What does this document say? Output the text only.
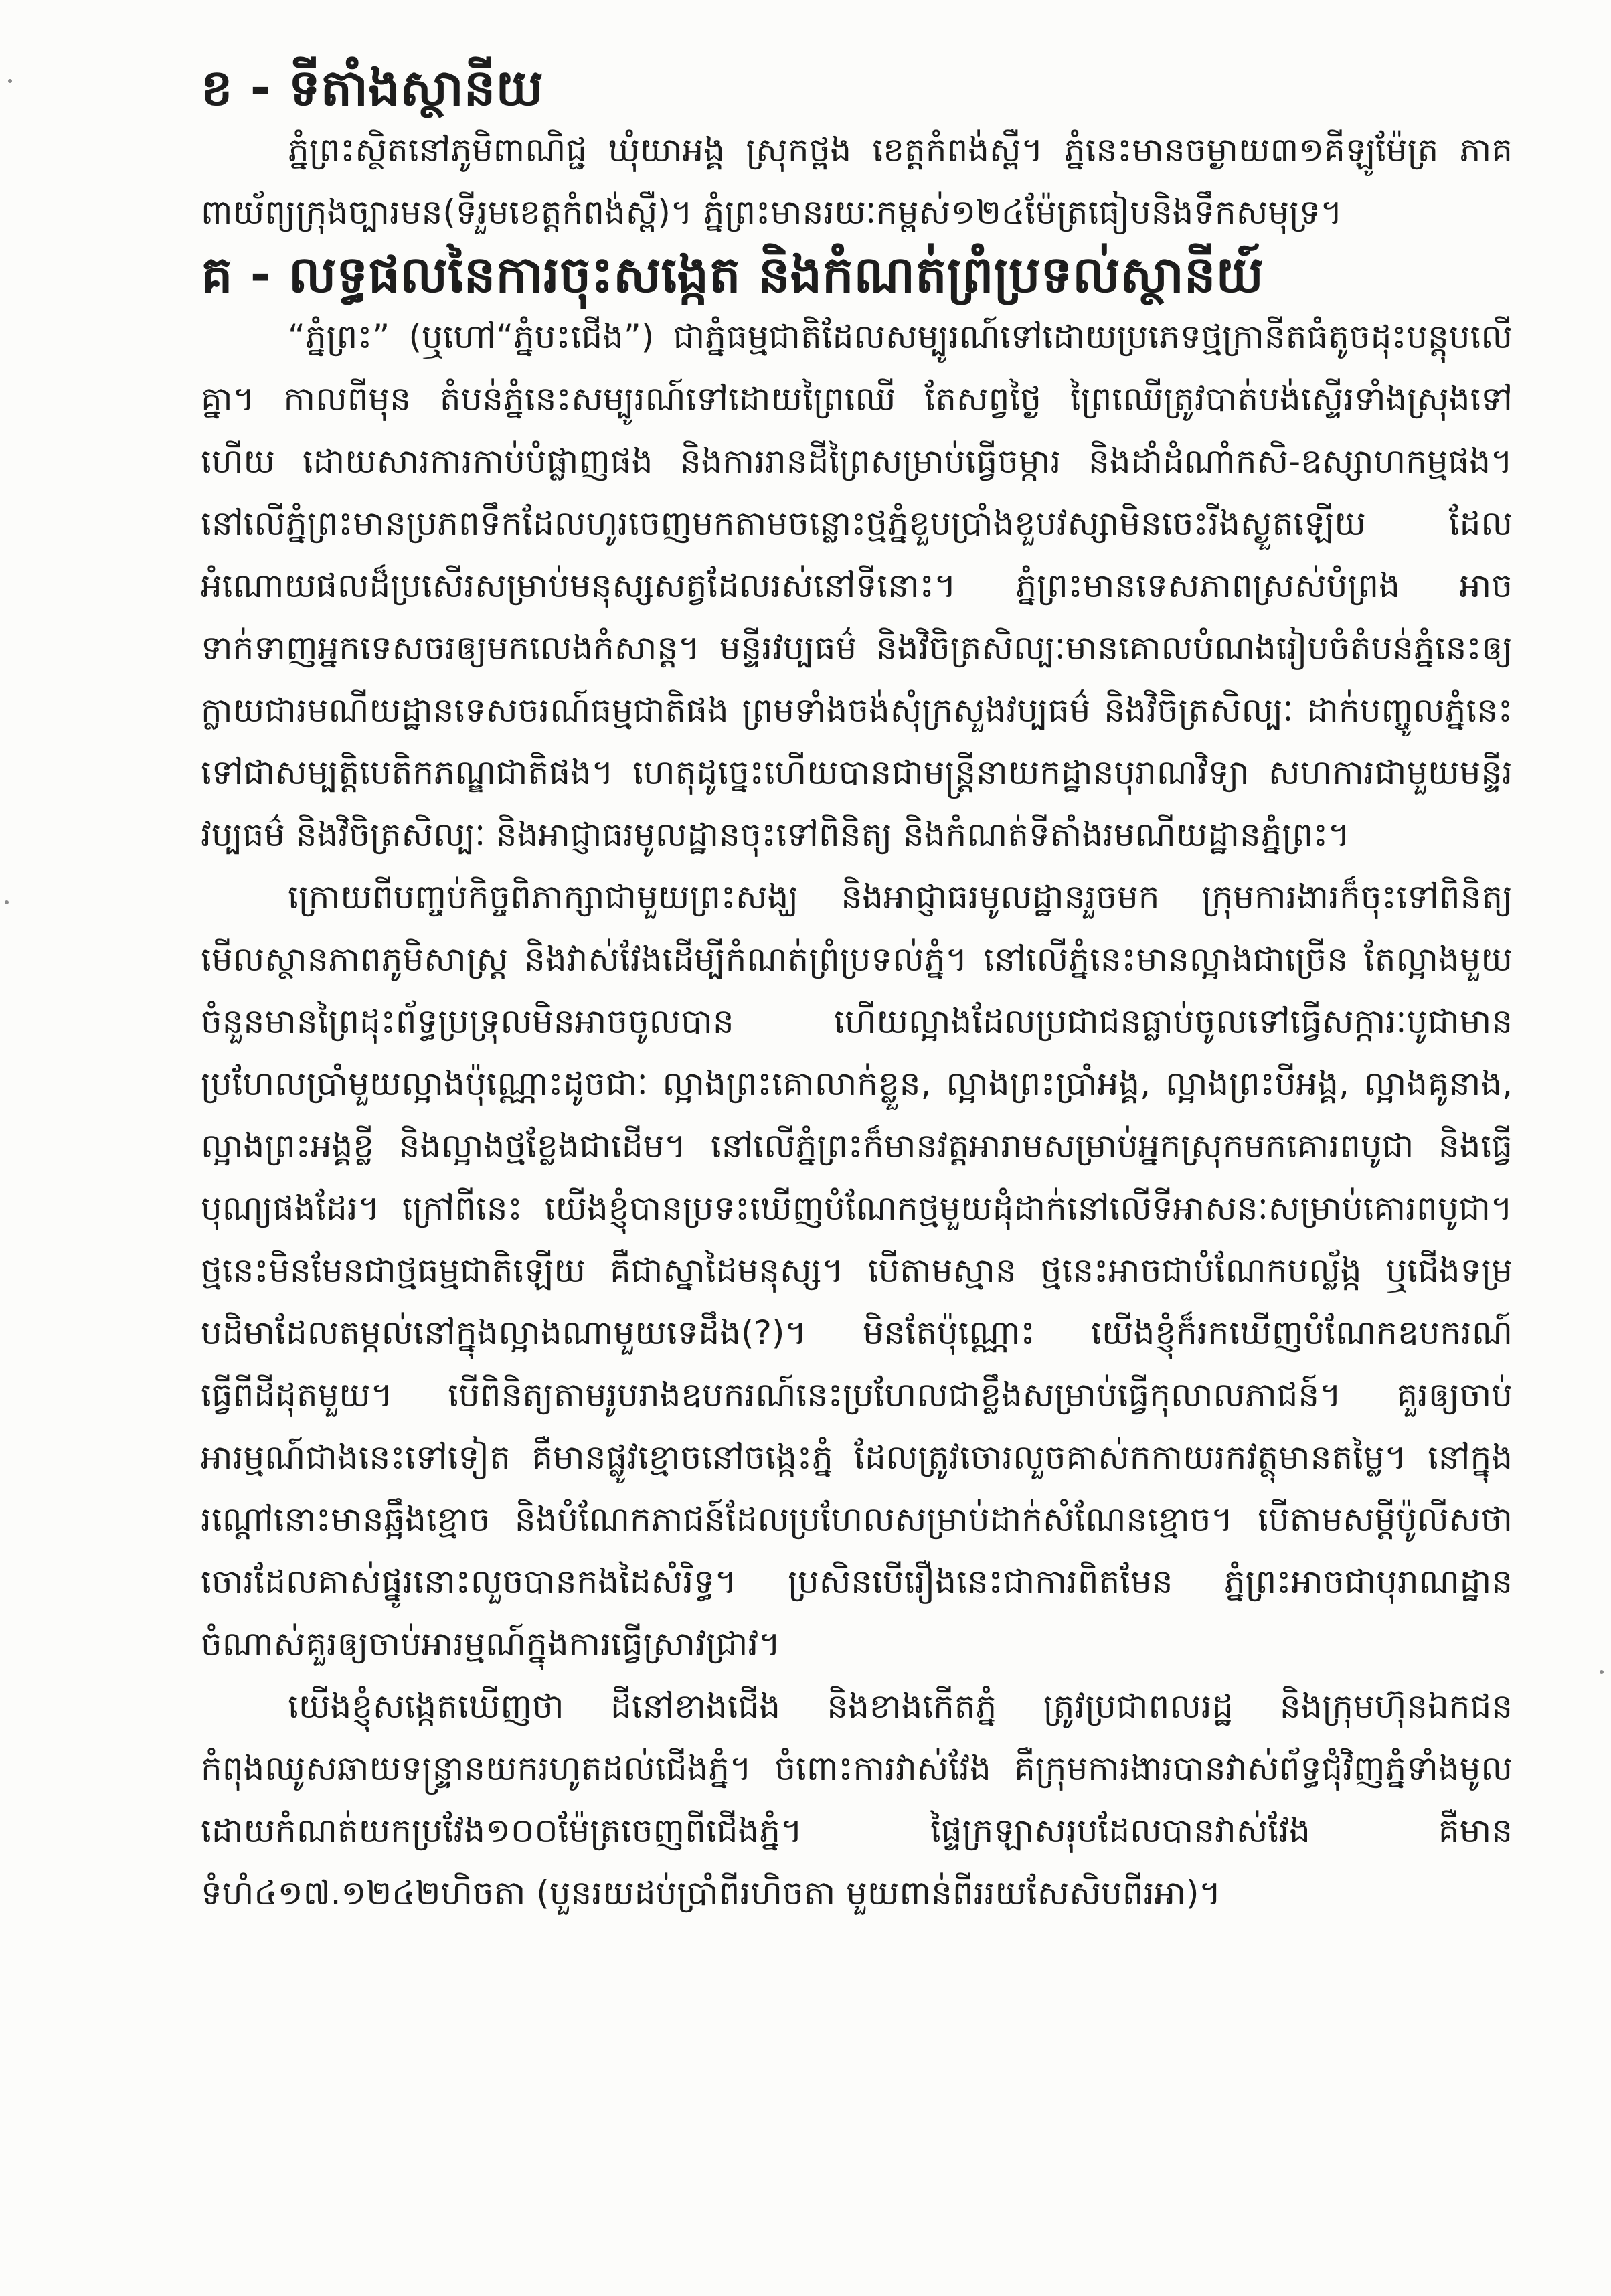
ខ - ទីតាំងស្ថានីយ

ភ្នំព្រះស្ថិតនៅភូមិពាណិជ្ជ ឃុំយាអង្គ ស្រុកថ្ពង ខេត្តកំពង់ស្ពឺ។ ភ្នំនេះមានចម្ងាយ៣១គីឡូម៉ែត្រ ភាគពាយ័ព្យក្រុងច្បារមន(ទីរួមខេត្តកំពង់ស្ពឺ)។ ភ្នំព្រះមានរយៈកម្ពស់១២៤ម៉ែត្រធៀបនិងទឹកសមុទ្រ។

គ - លទ្ធផលនៃការចុះសង្កេត និងកំណត់ព្រំប្រទល់ស្ថានីយ៍

“ភ្នំព្រះ” (ឬហៅ“ភ្នំបះជើង”) ជាភ្នំធម្មជាតិដែលសម្បូរណ៍ទៅដោយប្រភេទថ្មក្រានីតធំតូចដុះបន្តុបលើគ្នា។ កាលពីមុន តំបន់ភ្នំនេះសម្បូរណ៍ទៅដោយព្រៃឈើ តែសព្វថ្ងៃ ព្រៃឈើត្រូវបាត់បង់ស្ទើរទាំងស្រុងទៅហើយ ដោយសារការកាប់បំផ្លាញផង និងការរានដីព្រៃសម្រាប់ធ្វើចម្ការ និងដាំដំណាំកសិ-ឧស្សាហកម្មផង។ នៅលើភ្នំព្រះមានប្រភពទឹកដែលហូរចេញមកតាមចន្លោះថ្មភ្នំខួបប្រាំងខួបវស្សាមិនចេះរីងស្ងួតឡើយ ដែលអំណោយផលដ៏ប្រសើរសម្រាប់មនុស្សសត្វដែលរស់នៅទីនោះ។ ភ្នំព្រះមានទេសភាពស្រស់បំព្រង អាចទាក់ទាញអ្នកទេសចរឲ្យមកលេងកំសាន្ត។ មន្ទីរវប្បធម៌ និងវិចិត្រសិល្បៈមានគោលបំណងរៀបចំតំបន់ភ្នំនេះឲ្យក្លាយជារមណីយដ្ឋានទេសចរណ៍ធម្មជាតិផង ព្រមទាំងចង់សុំក្រសួងវប្បធម៌ និងវិចិត្រសិល្បៈ ដាក់បញ្ចូលភ្នំនេះទៅជាសម្បត្តិបេតិកភណ្ឌជាតិផង។ ហេតុដូច្នេះហើយបានជាមន្ត្រីនាយកដ្ឋានបុរាណវិទ្យា សហការជាមួយមន្ទីរវប្បធម៌ និងវិចិត្រសិល្បៈ និងអាជ្ញាធរមូលដ្ឋានចុះទៅពិនិត្យ និងកំណត់ទីតាំងរមណីយដ្ឋានភ្នំព្រះ។

ក្រោយពីបញ្ចប់កិច្ចពិភាក្សាជាមួយព្រះសង្ឃ និងអាជ្ញាធរមូលដ្ឋានរួចមក ក្រុមការងារក៏ចុះទៅពិនិត្យមើលស្ថានភាពភូមិសាស្ត្រ និងវាស់វែងដើម្បីកំណត់ព្រំប្រទល់ភ្នំ។ នៅលើភ្នំនេះមានល្អាងជាច្រើន តែល្អាងមួយចំនួនមានព្រៃដុះព័ទ្ធប្រទ្រុលមិនអាចចូលបាន ហើយល្អាងដែលប្រជាជនធ្លាប់ចូលទៅធ្វើសក្ការៈបូជាមានប្រហែលប្រាំមួយល្អាងប៉ុណ្ណោះដូចជាៈ ល្អាងព្រះគោលាក់ខ្លួន, ល្អាងព្រះប្រាំអង្គ, ល្អាងព្រះបីអង្គ, ល្អាងគូនាង, ល្អាងព្រះអង្គខ្លី និងល្អាងថ្មខ្លែងជាដើម។ នៅលើភ្នំព្រះក៏មានវត្តអារាមសម្រាប់អ្នកស្រុកមកគោរពបូជា និងធ្វើបុណ្យផងដែរ។ ក្រៅពីនេះ យើងខ្ញុំបានប្រទះឃើញបំណែកថ្មមួយដុំដាក់នៅលើទីអាសនៈសម្រាប់គោរពបូជា។ ថ្មនេះមិនមែនជាថ្មធម្មជាតិឡើយ គឺជាស្នាដៃមនុស្ស។ បើតាមស្មាន ថ្មនេះអាចជាបំណែកបល្ល័ង្ក ឬជើងទម្របដិមាដែលតម្កល់នៅក្នុងល្អាងណាមួយទេដឹង(?)។ មិនតែប៉ុណ្ណោះ យើងខ្ញុំក៏រកឃើញបំណែកឧបករណ៍ធ្វើពីដីដុតមួយ។ បើពិនិត្យតាមរូបរាងឧបករណ៍នេះប្រហែលជាខ្លឹងសម្រាប់ធ្វើកុលាលភាជន៍។ គួរឲ្យចាប់អារម្មណ៍ជាងនេះទៅទៀត គឺមានផ្លូវខ្មោចនៅចង្កេះភ្នំ ដែលត្រូវចោរលួចគាស់កកាយរកវត្ថុមានតម្លៃ។ នៅក្នុងរណ្តៅនោះមានឆ្អឹងខ្មោច និងបំណែកភាជន៍ដែលប្រហែលសម្រាប់ដាក់សំណែនខ្មោច។ បើតាមសម្តីប៉ូលីសថា ចោរដែលគាស់ផ្នូរនោះលួចបានកងដៃសំរិទ្ធ។ ប្រសិនបើរឿងនេះជាការពិតមែន ភ្នំព្រះអាចជាបុរាណដ្ឋានចំណាស់គួរឲ្យចាប់អារម្មណ៍ក្នុងការធ្វើស្រាវជ្រាវ។

យើងខ្ញុំសង្កេតឃើញថា ដីនៅខាងជើង និងខាងកើតភ្នំ ត្រូវប្រជាពលរដ្ឋ និងក្រុមហ៊ុនឯកជនកំពុងឈូសឆាយទន្ទ្រានយករហូតដល់ជើងភ្នំ។ ចំពោះការវាស់វែង គឺក្រុមការងារបានវាស់ព័ទ្ធជុំវិញភ្នំទាំងមូល ដោយកំណត់យកប្រវែង១០០ម៉ែត្រចេញពីជើងភ្នំ។ ផ្ទៃក្រឡាសរុបដែលបានវាស់វែង គឺមានទំហំ៤១៧.១២៤២ហិចតា (បួនរយដប់ប្រាំពីរហិចតា មួយពាន់ពីររយសែសិបពីរអា)។
